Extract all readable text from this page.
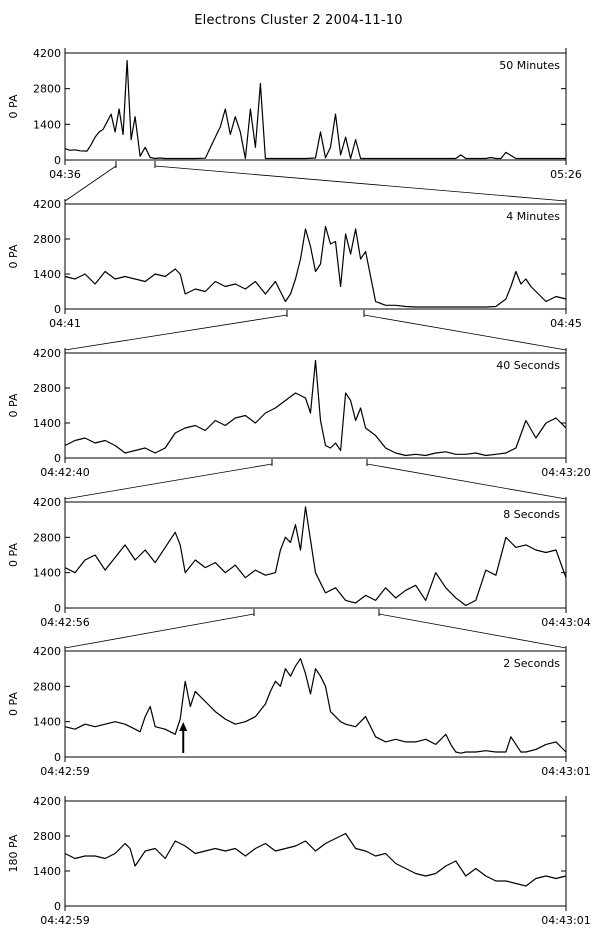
Electrons Cluster 2 2004-11-10
0
1400
2800
4200
04:36	05:26
0 PA
50 Minutes
0
1400
2800
4200
04:41	04:45
0 PA
4 Minutes
0
1400
2800
4200
04:42:40	04:43:20
0 PA
40 Seconds
0
1400
2800
4200
04:42:56	04:43:04
0 PA
8 Seconds
0
1400
2800
4200
04:42:59	04:43:01
0 PA
2 Seconds
0
1400
2800
4200
04:42:59	04:43:01
180 PA
